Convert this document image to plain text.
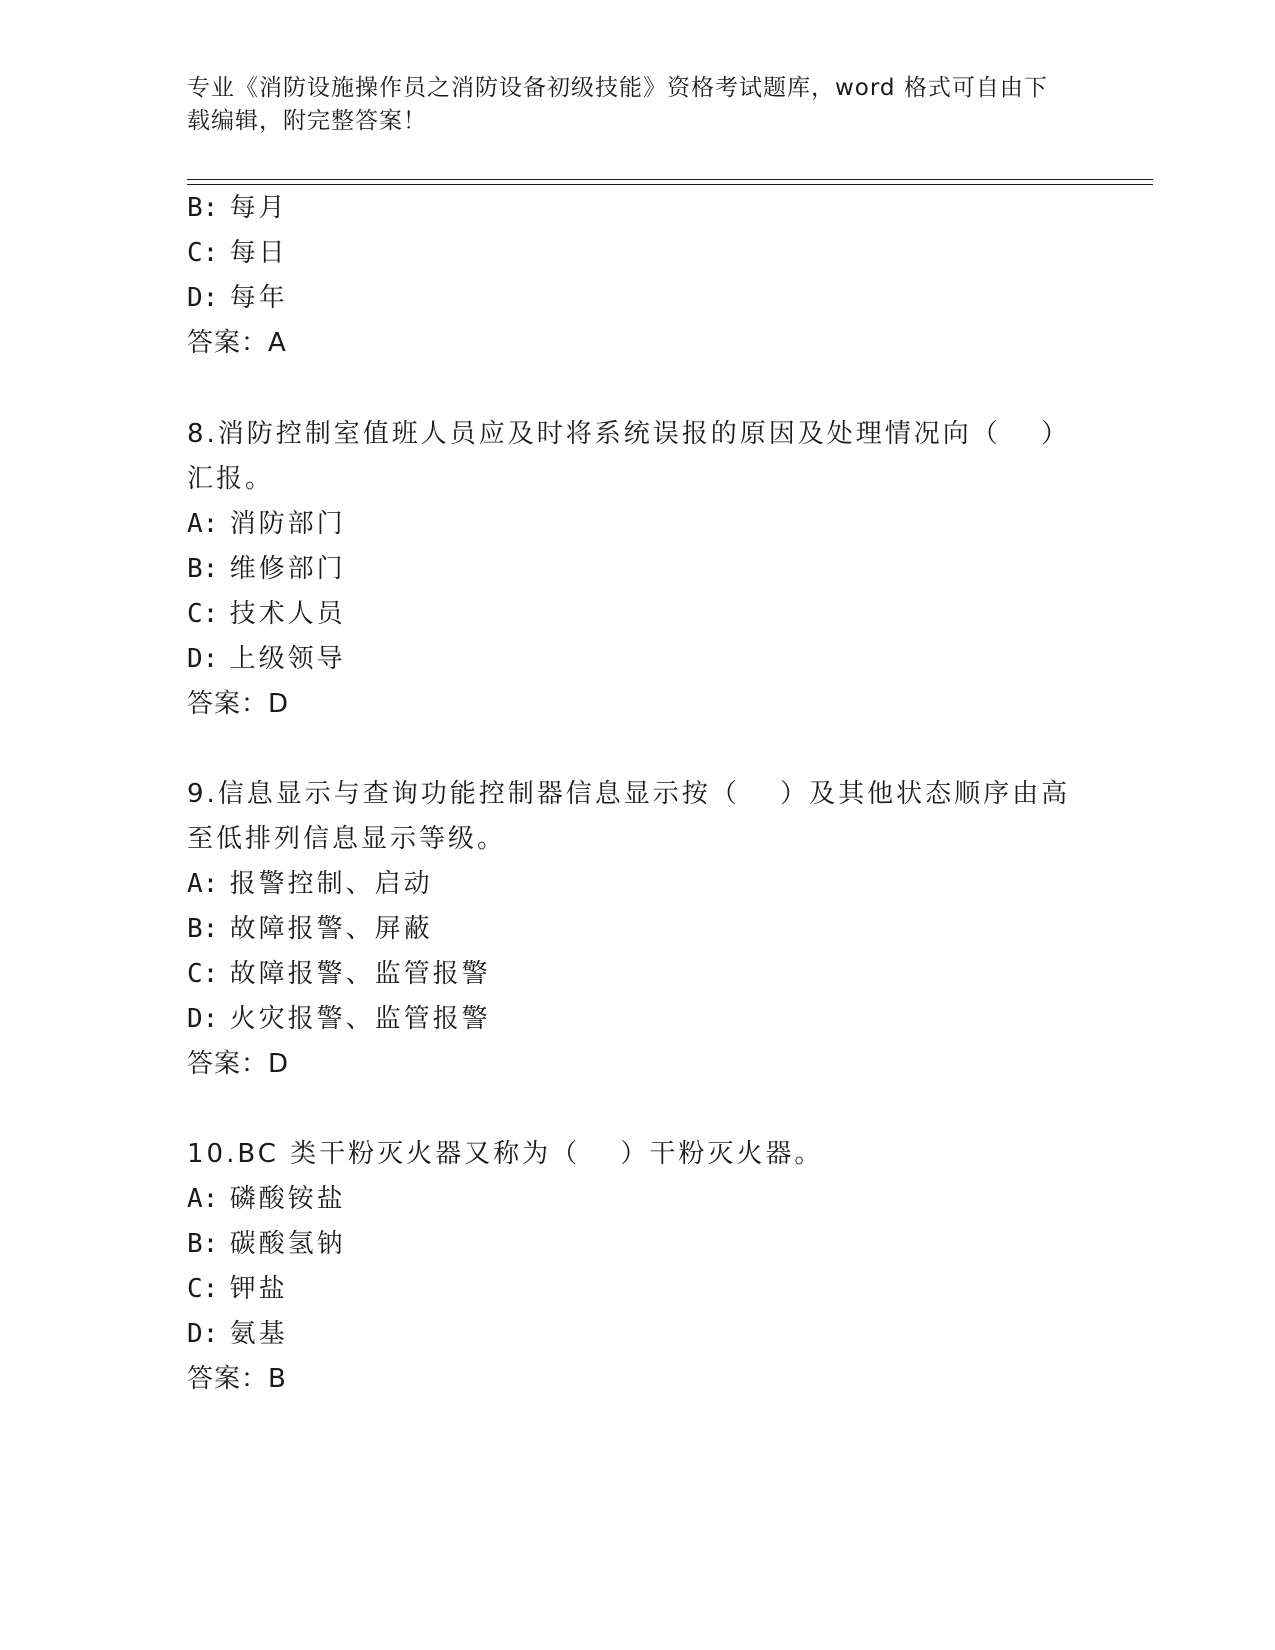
专业《消防设施操作员之消防设备初级技能》资格考试题库，word 格式可自由下
载编辑，附完整答案！
B: 每月
C: 每日
D: 每年
答案：A
8.消防控制室值班人员应及时将系统误报的原因及处理情况向（　 ）
汇报。
A: 消防部门
B: 维修部门
C: 技术人员
D: 上级领导
答案：D
9.信息显示与查询功能控制器信息显示按（　 ）及其他状态顺序由高
至低排列信息显示等级。
A: 报警控制、启动
B: 故障报警、屏蔽
C: 故障报警、监管报警
D: 火灾报警、监管报警
答案：D
10.BC 类干粉灭火器又称为（　 ）干粉灭火器。
A: 磷酸铵盐
B: 碳酸氢钠
C: 钾盐
D: 氨基
答案：B
